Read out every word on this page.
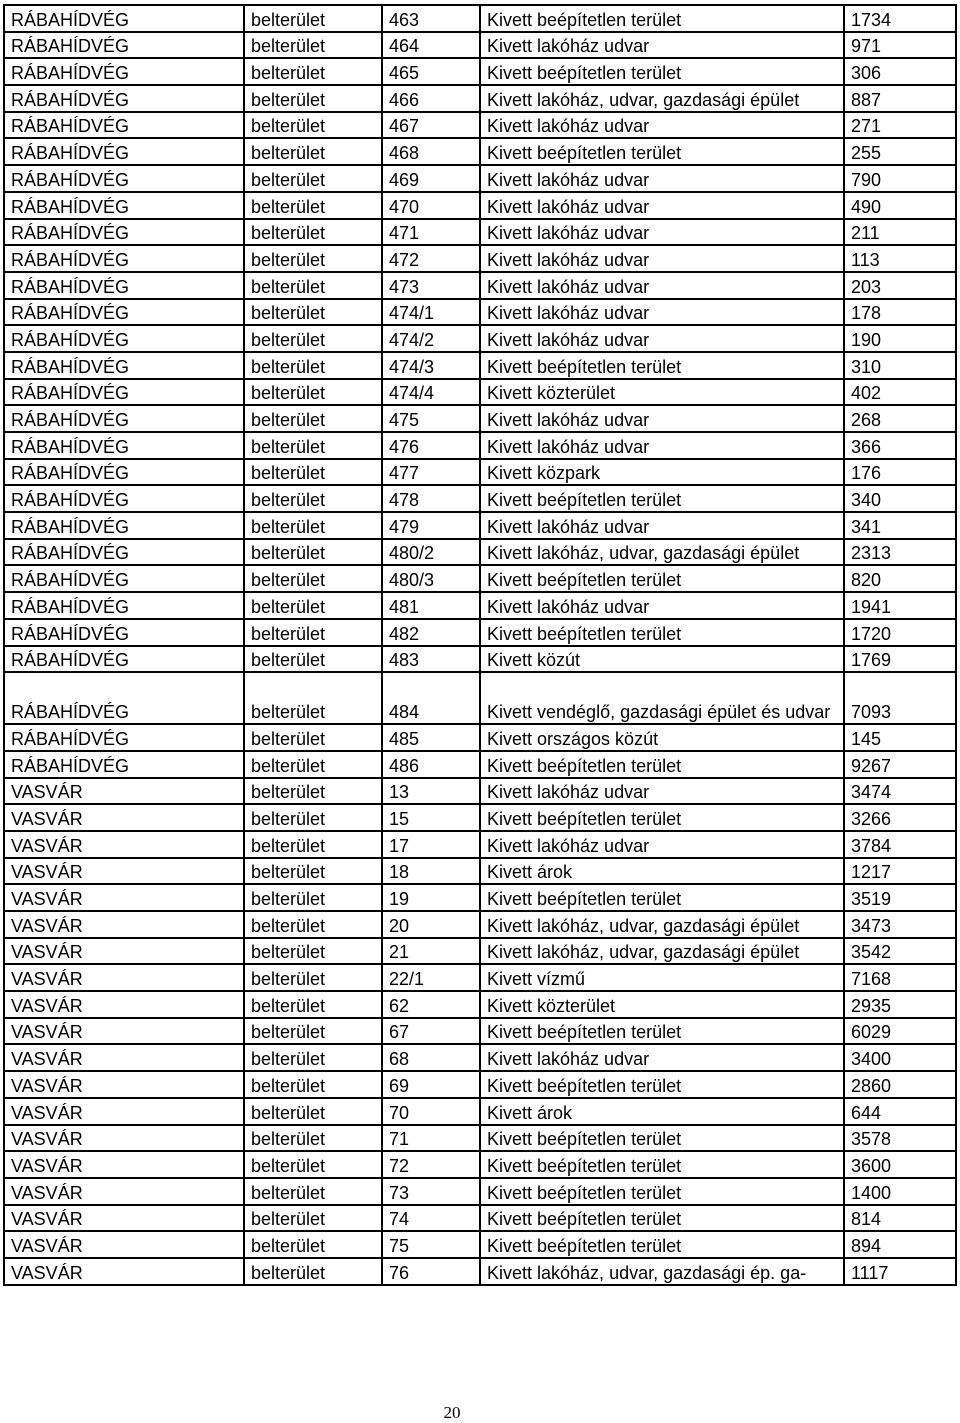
RÁBAHÍDVÉG	belterület	463	Kivett beépítetlen terület	1734
RÁBAHÍDVÉG	belterület	464	Kivett lakóház udvar	971
RÁBAHÍDVÉG	belterület	465	Kivett beépítetlen terület	306
RÁBAHÍDVÉG	belterület	466	Kivett lakóház, udvar, gazdasági épület	887
RÁBAHÍDVÉG	belterület	467	Kivett lakóház udvar	271
RÁBAHÍDVÉG	belterület	468	Kivett beépítetlen terület	255
RÁBAHÍDVÉG	belterület	469	Kivett lakóház udvar	790
RÁBAHÍDVÉG	belterület	470	Kivett lakóház udvar	490
RÁBAHÍDVÉG	belterület	471	Kivett lakóház udvar	211
RÁBAHÍDVÉG	belterület	472	Kivett lakóház udvar	113
RÁBAHÍDVÉG	belterület	473	Kivett lakóház udvar	203
RÁBAHÍDVÉG	belterület	474/1	Kivett lakóház udvar	178
RÁBAHÍDVÉG	belterület	474/2	Kivett lakóház udvar	190
RÁBAHÍDVÉG	belterület	474/3	Kivett beépítetlen terület	310
RÁBAHÍDVÉG	belterület	474/4	Kivett közterület	402
RÁBAHÍDVÉG	belterület	475	Kivett lakóház udvar	268
RÁBAHÍDVÉG	belterület	476	Kivett lakóház udvar	366
RÁBAHÍDVÉG	belterület	477	Kivett közpark	176
RÁBAHÍDVÉG	belterület	478	Kivett beépítetlen terület	340
RÁBAHÍDVÉG	belterület	479	Kivett lakóház udvar	341
RÁBAHÍDVÉG	belterület	480/2	Kivett lakóház, udvar, gazdasági épület	2313
RÁBAHÍDVÉG	belterület	480/3	Kivett beépítetlen terület	820
RÁBAHÍDVÉG	belterület	481	Kivett lakóház udvar	1941
RÁBAHÍDVÉG	belterület	482	Kivett beépítetlen terület	1720
RÁBAHÍDVÉG	belterület	483	Kivett közút	1769
RÁBAHÍDVÉG	belterület	484	Kivett vendéglő, gazdasági épület és udvar	7093
RÁBAHÍDVÉG	belterület	485	Kivett országos közút	145
RÁBAHÍDVÉG	belterület	486	Kivett beépítetlen terület	9267
VASVÁR	belterület	13	Kivett lakóház udvar	3474
VASVÁR	belterület	15	Kivett beépítetlen terület	3266
VASVÁR	belterület	17	Kivett lakóház udvar	3784
VASVÁR	belterület	18	Kivett árok	1217
VASVÁR	belterület	19	Kivett beépítetlen terület	3519
VASVÁR	belterület	20	Kivett lakóház, udvar, gazdasági épület	3473
VASVÁR	belterület	21	Kivett lakóház, udvar, gazdasági épület	3542
VASVÁR	belterület	22/1	Kivett vízmű	7168
VASVÁR	belterület	62	Kivett közterület	2935
VASVÁR	belterület	67	Kivett beépítetlen terület	6029
VASVÁR	belterület	68	Kivett lakóház udvar	3400
VASVÁR	belterület	69	Kivett beépítetlen terület	2860
VASVÁR	belterület	70	Kivett árok	644
VASVÁR	belterület	71	Kivett beépítetlen terület	3578
VASVÁR	belterület	72	Kivett beépítetlen terület	3600
VASVÁR	belterület	73	Kivett beépítetlen terület	1400
VASVÁR	belterület	74	Kivett beépítetlen terület	814
VASVÁR	belterület	75	Kivett beépítetlen terület	894
VASVÁR	belterület	76	Kivett lakóház, udvar, gazdasági ép. ga-	1117
20
